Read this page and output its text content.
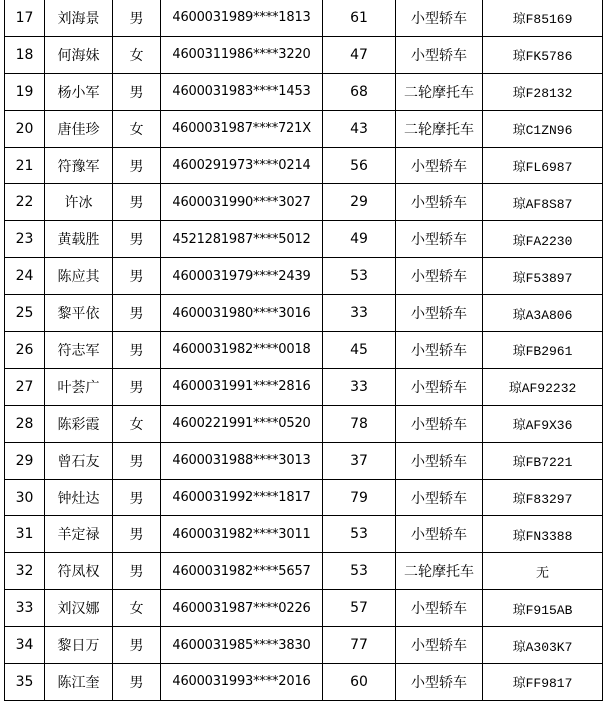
17	刘海景	男	4600031989****1813	61	小型轿车	琼F85169
18	何海妹	女	4600311986****3220	47	小型轿车	琼FK5786
19	杨小军	男	4600031983****1453	68	二轮摩托车	琼F28132
20	唐佳珍	女	4600031987****721X	43	二轮摩托车	琼C1ZN96
21	符豫军	男	4600291973****0214	56	小型轿车	琼FL6987
22	许冰	男	4600031990****3027	29	小型轿车	琼AF8S87
23	黄载胜	男	4521281987****5012	49	小型轿车	琼FA2230
24	陈应其	男	4600031979****2439	53	小型轿车	琼F53897
25	黎平依	男	4600031980****3016	33	小型轿车	琼A3A806
26	符志军	男	4600031982****0018	45	小型轿车	琼FB2961
27	叶荟广	男	4600031991****2816	33	小型轿车	琼AF92232
28	陈彩霞	女	4600221991****0520	78	小型轿车	琼AF9X36
29	曾石友	男	4600031988****3013	37	小型轿车	琼FB7221
30	钟灶达	男	4600031992****1817	79	小型轿车	琼F83297
31	羊定禄	男	4600031982****3011	53	小型轿车	琼FN3388
32	符凤权	男	4600031982****5657	53	二轮摩托车	无
33	刘汉娜	女	4600031987****0226	57	小型轿车	琼F915AB
34	黎日万	男	4600031985****3830	77	小型轿车	琼A303K7
35	陈江奎	男	4600031993****2016	60	小型轿车	琼FF9817
